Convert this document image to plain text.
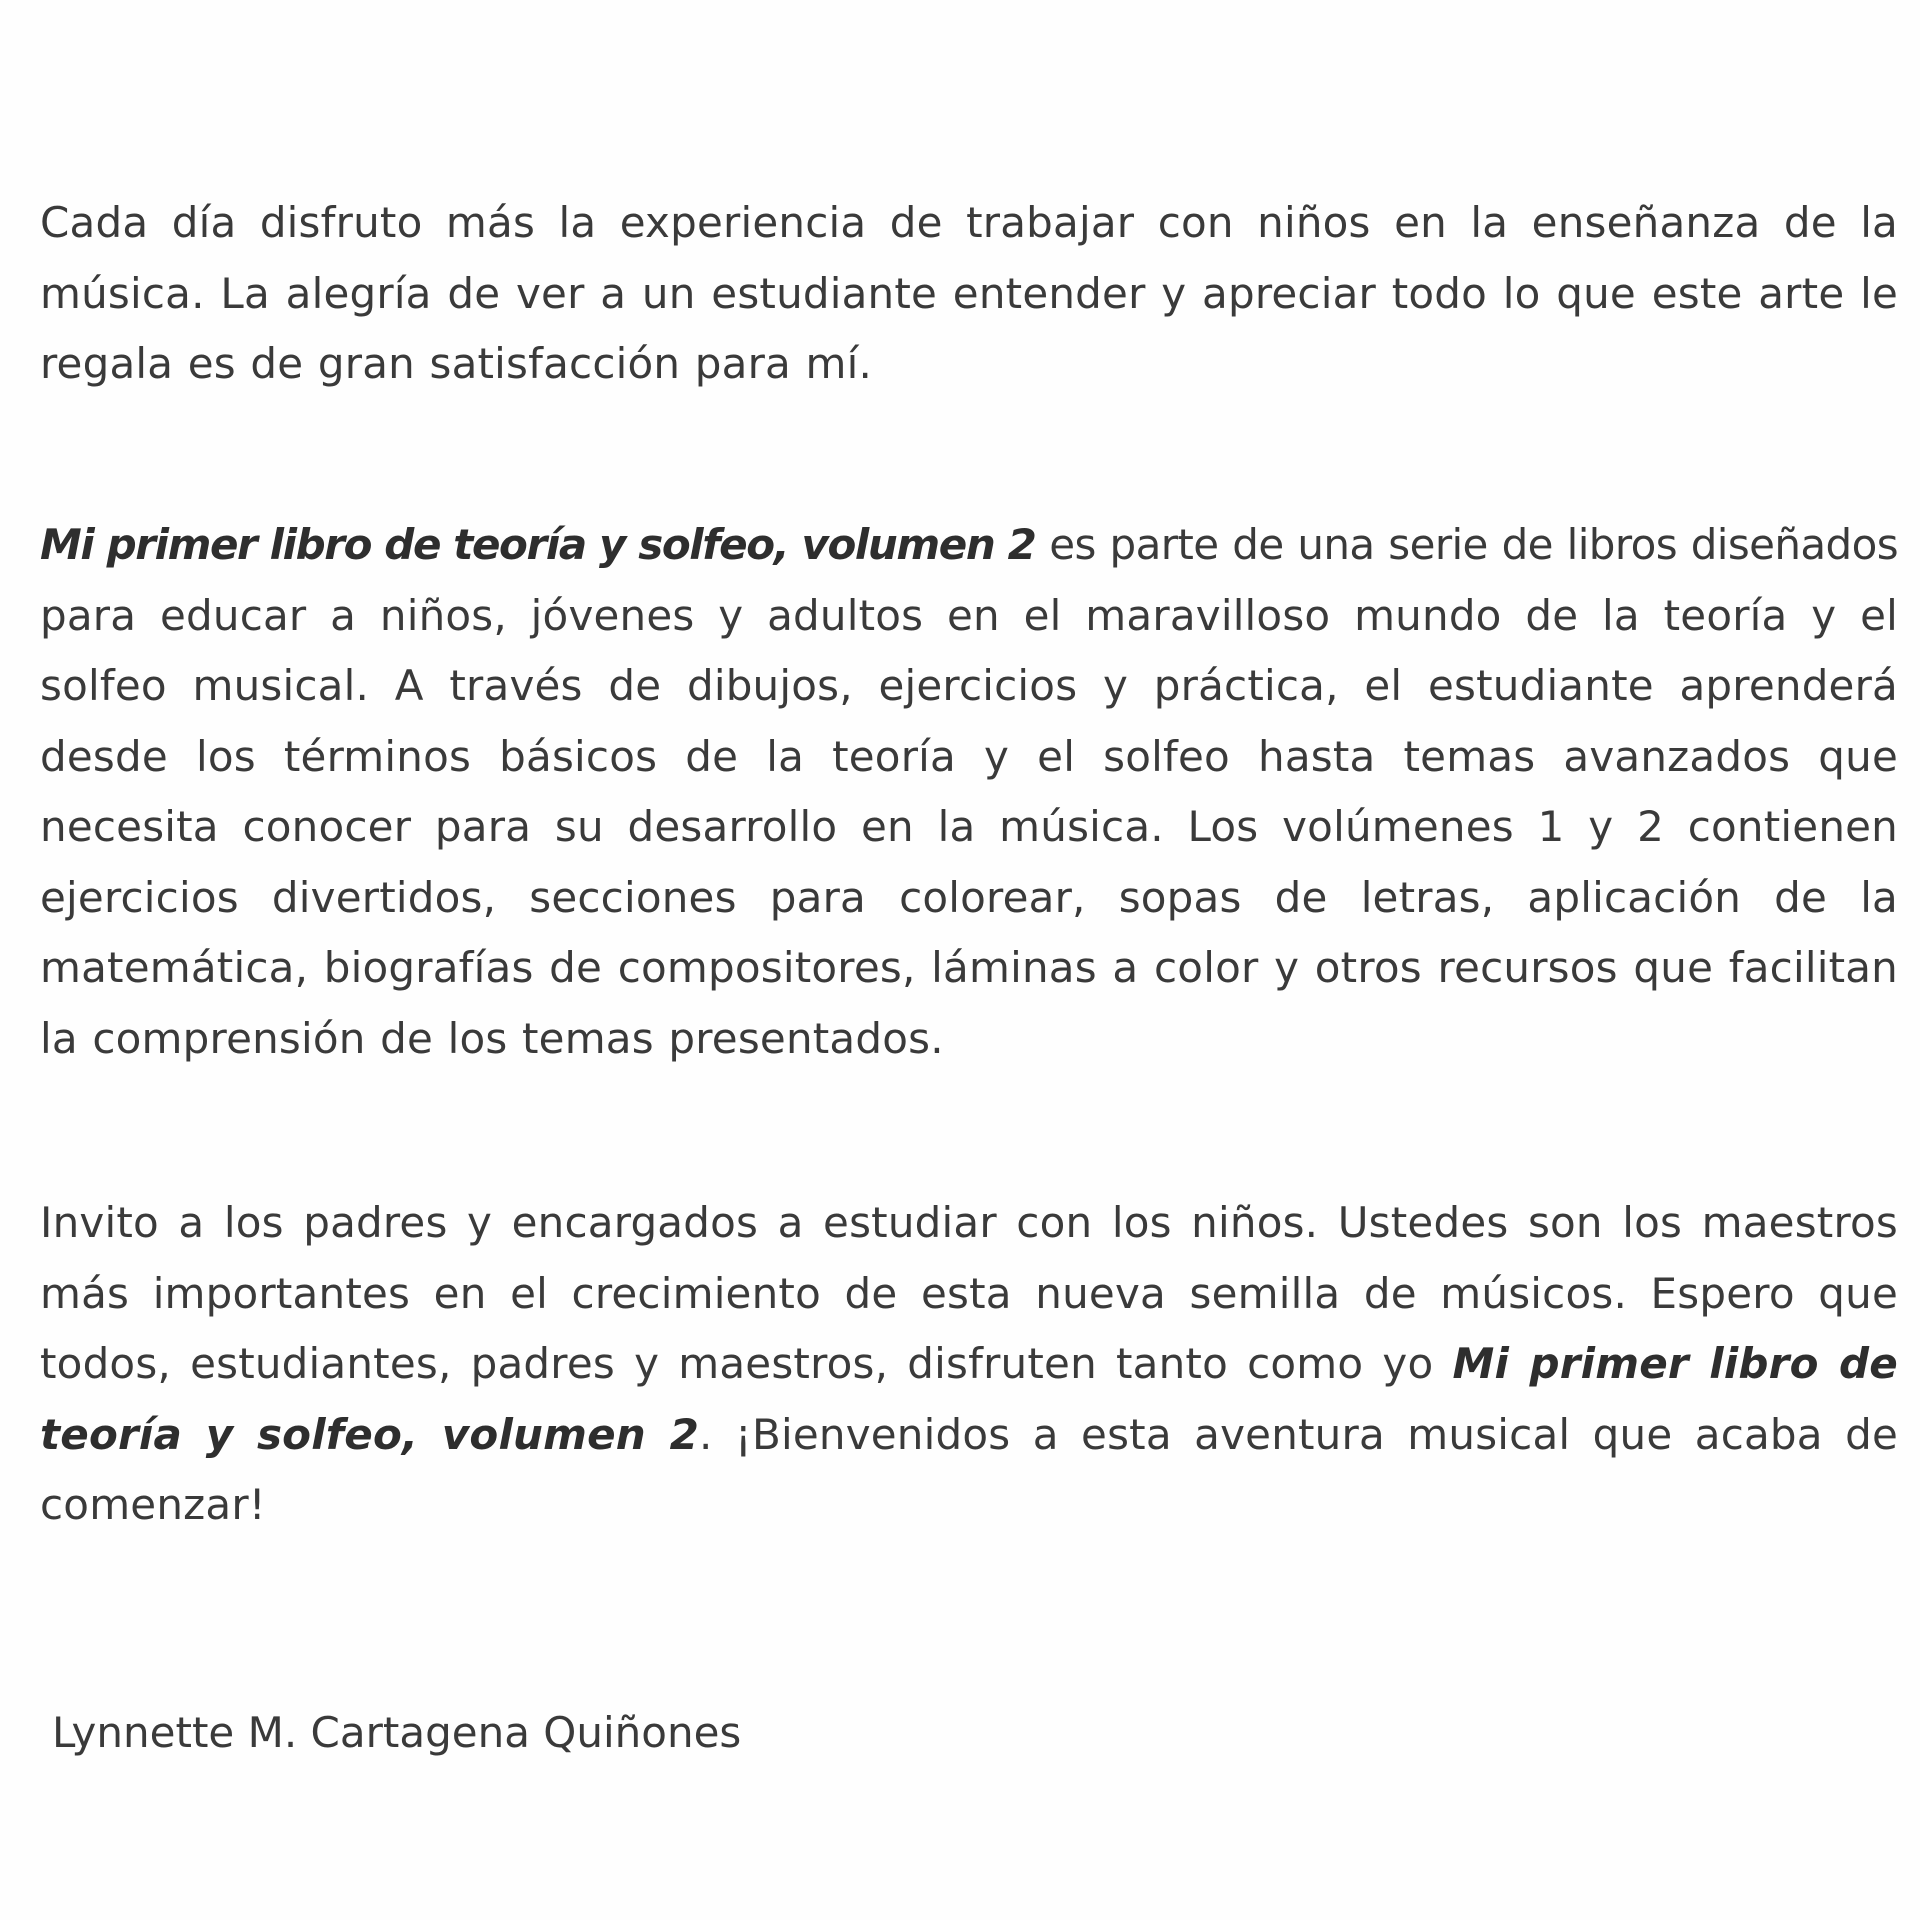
Cada día disfruto más la experiencia de trabajar con niños en la enseñanza de la música. La alegría de ver a un estudiante entender y apreciar todo lo que este arte le regala es de gran satisfacción para mí.

Mi primer libro de teoría y solfeo, volumen 2 es parte de una serie de libros diseñados para educar a niños, jóvenes y adultos en el maravilloso mundo de la teoría y el solfeo musical. A través de dibujos, ejercicios y práctica, el estudiante aprenderá desde los términos básicos de la teoría y el solfeo hasta temas avanzados que necesita conocer para su desarrollo en la música. Los volúmenes 1 y 2 contienen ejercicios divertidos, secciones para colorear, sopas de letras, aplicación de la matemática, biografías de compositores, láminas a color y otros recursos que facilitan la comprensión de los temas presentados.

Invito a los padres y encargados a estudiar con los niños. Ustedes son los maestros más importantes en el crecimiento de esta nueva semilla de músicos. Espero que todos, estudiantes, padres y maestros, disfruten tanto como yo Mi primer libro de teoría y solfeo, volumen 2. ¡Bienvenidos a esta aventura musical que acaba de comenzar!

Lynnette M. Cartagena Quiñones
